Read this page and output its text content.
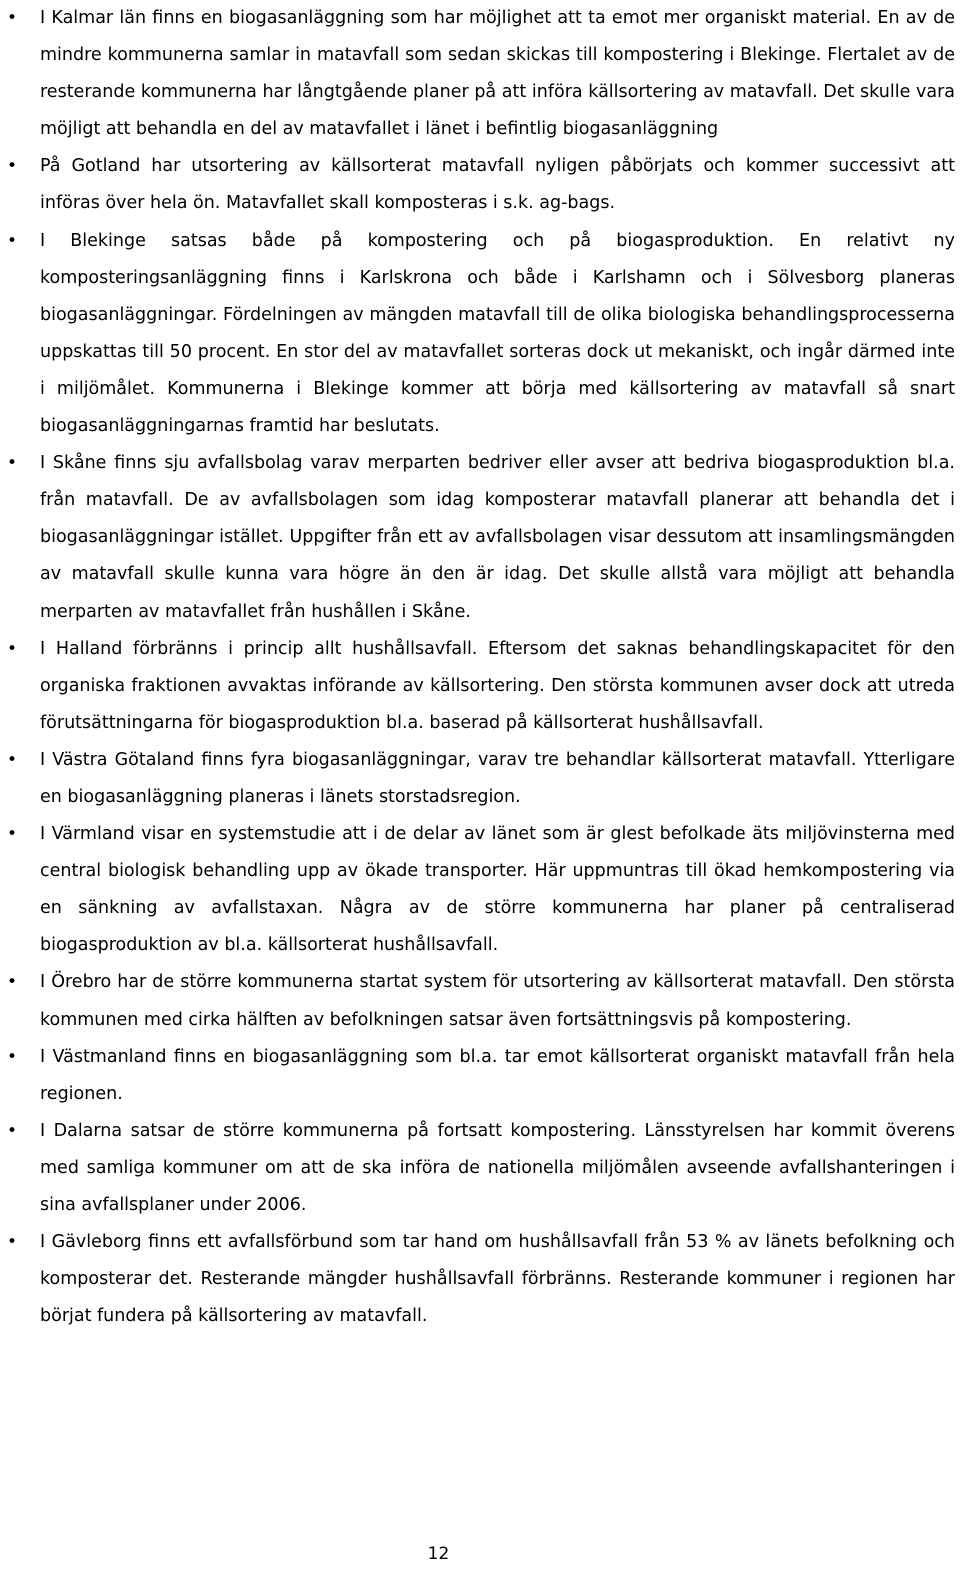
• I Kalmar län finns en biogasanläggning som har möjlighet att ta emot mer organiskt material. En av de mindre kommunerna samlar in matavfall som sedan skickas till kompostering i Blekinge. Flertalet av de resterande kommunerna har långtgående planer på att införa källsortering av matavfall. Det skulle vara möjligt att behandla en del av matavfallet i länet i befintlig biogasanläggning
• På Gotland har utsortering av källsorterat matavfall nyligen påbörjats och kommer successivt att införas över hela ön. Matavfallet skall komposteras i s.k. ag-bags.
• I Blekinge satsas både på kompostering och på biogasproduktion. En relativt ny komposteringsanläggning finns i Karlskrona och både i Karlshamn och i Sölvesborg planeras biogasanläggningar. Fördelningen av mängden matavfall till de olika biologiska behandlingsprocesserna uppskattas till 50 procent. En stor del av matavfallet sorteras dock ut mekaniskt, och ingår därmed inte i miljömålet. Kommunerna i Blekinge kommer att börja med källsortering av matavfall så snart biogasanläggningarnas framtid har beslutats.
• I Skåne finns sju avfallsbolag varav merparten bedriver eller avser att bedriva biogasproduktion bl.a. från matavfall. De av avfallsbolagen som idag komposterar matavfall planerar att behandla det i biogasanläggningar istället. Uppgifter från ett av avfallsbolagen visar dessutom att insamlingsmängden av matavfall skulle kunna vara högre än den är idag. Det skulle allstå vara möjligt att behandla merparten av matavfallet från hushållen i Skåne.
• I Halland förbränns i princip allt hushållsavfall. Eftersom det saknas behandlingskapacitet för den organiska fraktionen avvaktas införande av källsortering. Den största kommunen avser dock att utreda förutsättningarna för biogasproduktion bl.a. baserad på källsorterat hushållsavfall.
• I Västra Götaland finns fyra biogasanläggningar, varav tre behandlar källsorterat matavfall. Ytterligare en biogasanläggning planeras i länets storstadsregion.
• I Värmland visar en systemstudie att i de delar av länet som är glest befolkade äts miljövinsterna med central biologisk behandling upp av ökade transporter. Här uppmuntras till ökad hemkompostering via en sänkning av avfallstaxan. Några av de större kommunerna har planer på centraliserad biogasproduktion av bl.a. källsorterat hushållsavfall.
• I Örebro har de större kommunerna startat system för utsortering av källsorterat matavfall. Den största kommunen med cirka hälften av befolkningen satsar även fortsättningsvis på kompostering.
• I Västmanland finns en biogasanläggning som bl.a. tar emot källsorterat organiskt matavfall från hela regionen.
• I Dalarna satsar de större kommunerna på fortsatt kompostering. Länsstyrelsen har kommit överens med samliga kommuner om att de ska införa de nationella miljömålen avseende avfallshanteringen i sina avfallsplaner under 2006.
• I Gävleborg finns ett avfallsförbund som tar hand om hushållsavfall från 53 % av länets befolkning och komposterar det. Resterande mängder hushållsavfall förbränns. Resterande kommuner i regionen har börjat fundera på källsortering av matavfall.
12
